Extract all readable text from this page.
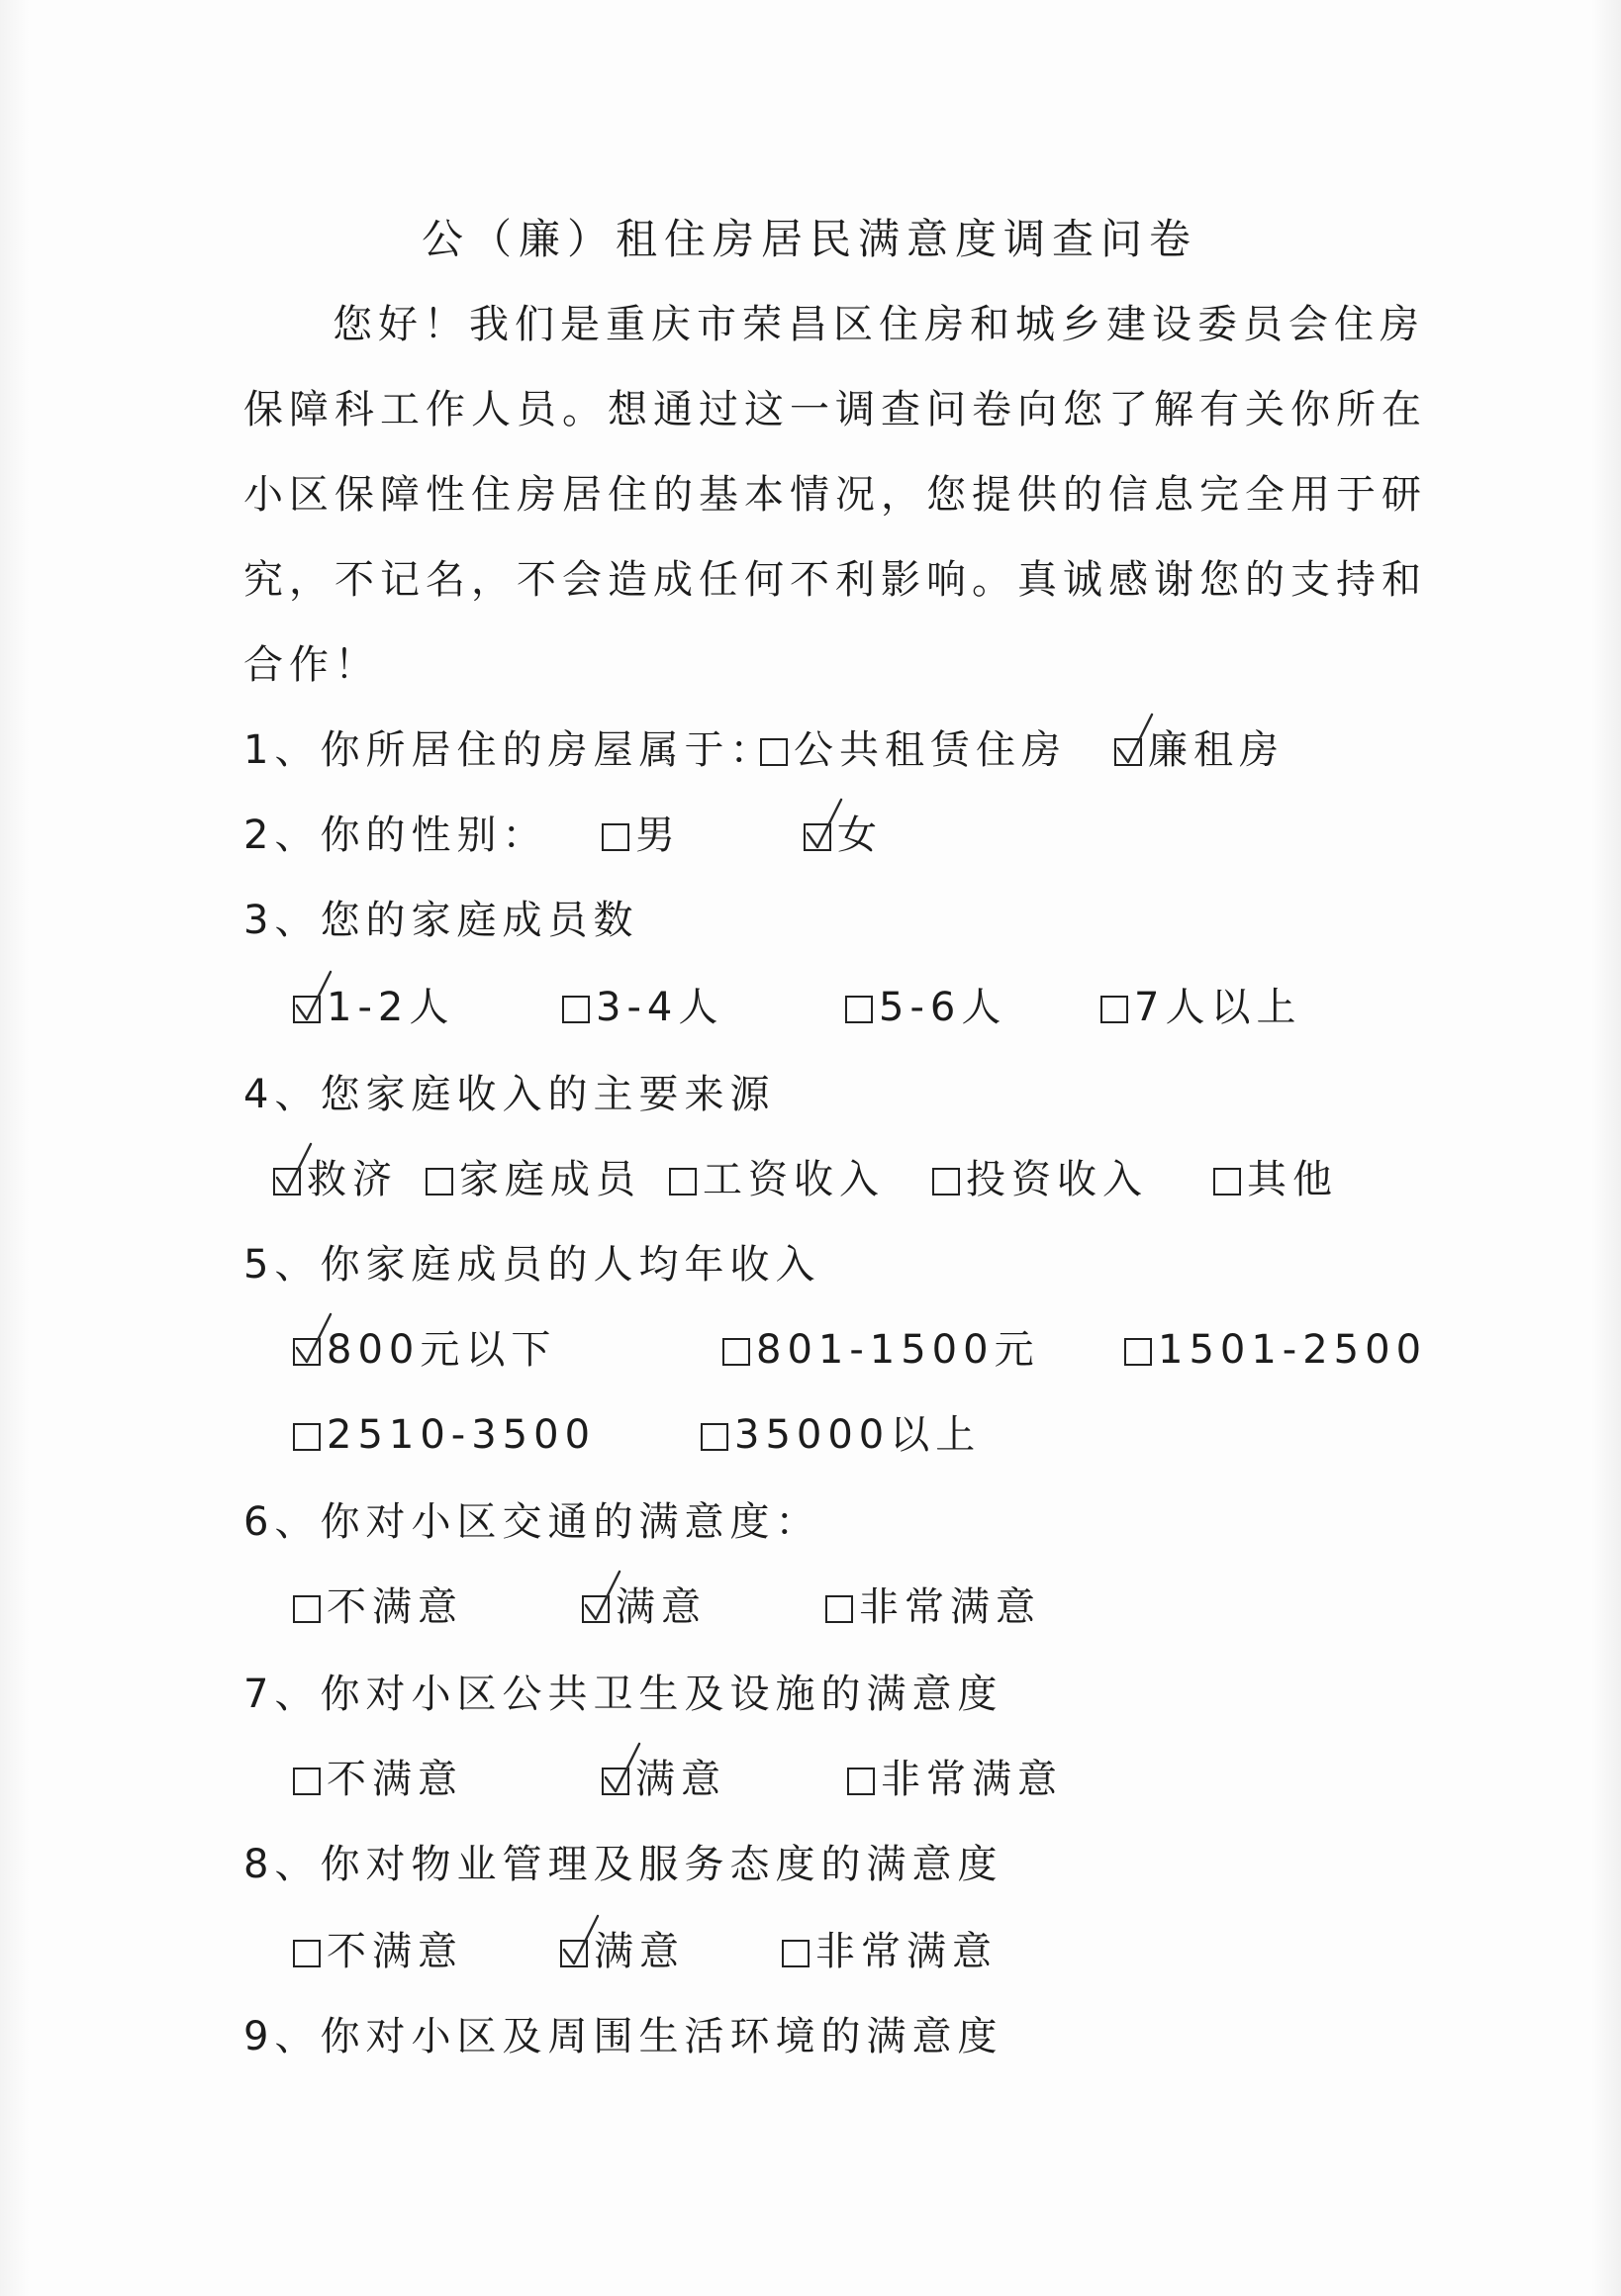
公（廉）租住房居民满意度调查问卷
您好！我们是重庆市荣昌区住房和城乡建设委员会住房
保障科工作人员。想通过这一调查问卷向您了解有关你所在
小区保障性住房居住的基本情况，您提供的信息完全用于研
究，不记名，不会造成任何不利影响。真诚感谢您的支持和
合作！
1、你所居住的房屋属于： 公共租赁住房	廉租房
2、你的性别：	男	女
3、您的家庭成员数
1-2人	3-4人	5-6人	7人以上
4、您家庭收入的主要来源
救济	家庭成员	工资收入	投资收入	其他
5、你家庭成员的人均年收入
800元以下	801-1500元	1501-2500
2510-3500	35000以上
6、你对小区交通的满意度：
不满意	满意	非常满意
7、你对小区公共卫生及设施的满意度
不满意	满意	非常满意
8、你对物业管理及服务态度的满意度
不满意	满意	非常满意
9、你对小区及周围生活环境的满意度
